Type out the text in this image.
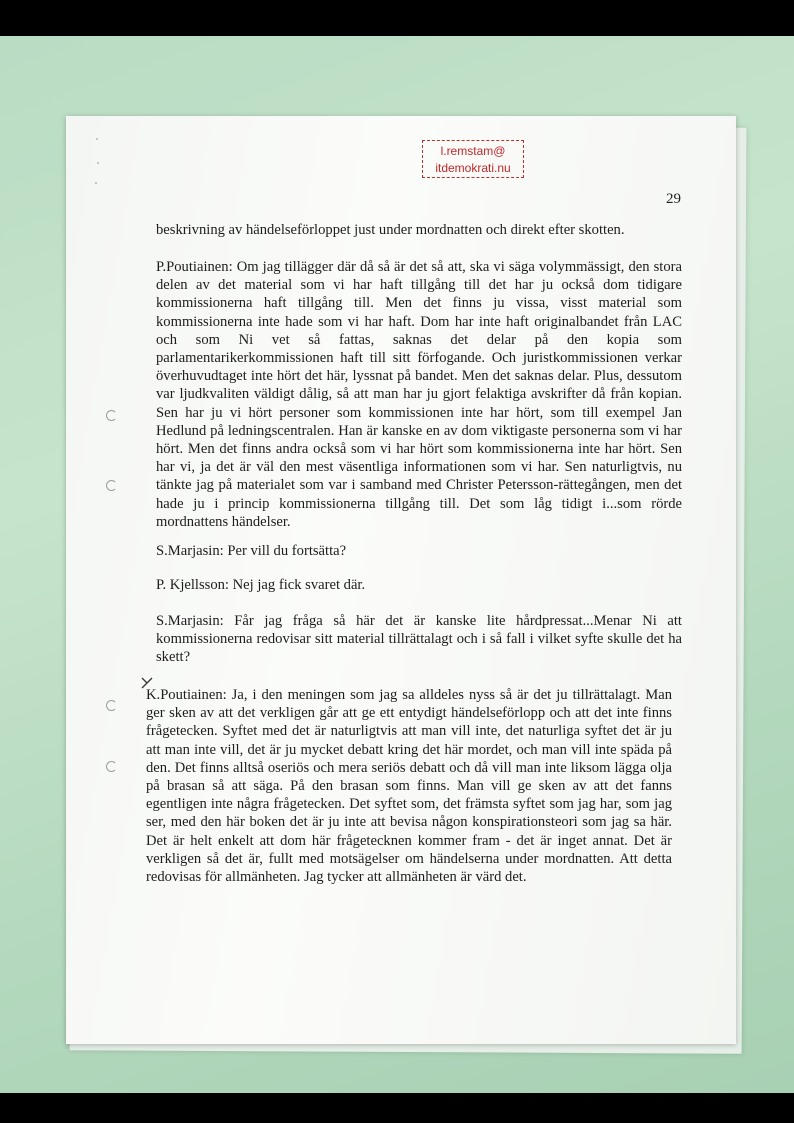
l.remstam@
itdemokrati.nu
29

beskrivning av händelseförloppet just under mordnatten och direkt efter skotten.

P.Poutiainen: Om jag tillägger där då så är det så att, ska vi säga volymmässigt, den stora delen av det material som vi har haft tillgång till det har ju också dom tidigare kommissionerna haft tillgång till. Men det finns ju vissa, visst material som kommissionerna inte hade som vi har haft. Dom har inte haft originalbandet från LAC och som Ni vet så fattas, saknas det delar på den kopia som parlamentarikerkommissionen haft till sitt förfogande. Och juristkommissionen verkar överhuvudtaget inte hört det här, lyssnat på bandet. Men det saknas delar. Plus, dessutom var ljudkvaliten väldigt dålig, så att man har ju gjort felaktiga avskrifter då från kopian. Sen har ju vi hört personer som kommissionen inte har hört, som till exempel Jan Hedlund på ledningscentralen. Han är kanske en av dom viktigaste personerna som vi har hört. Men det finns andra också som vi har hört som kommissionerna inte har hört. Sen har vi, ja det är väl den mest väsentliga informationen som vi har. Sen naturligtvis, nu tänkte jag på materialet som var i samband med Christer Petersson-rättegången, men det hade ju i princip kommissionerna tillgång till. Det som låg tidigt i...som rörde mordnattens händelser.

S.Marjasin: Per vill du fortsätta?

P. Kjellsson: Nej jag fick svaret där.

S.Marjasin: Får jag fråga så här det är kanske lite hårdpressat...Menar Ni att kommissionerna redovisar sitt material tillrättalagt och i så fall i vilket syfte skulle det ha skett?

K.Poutiainen: Ja, i den meningen som jag sa alldeles nyss så är det ju tillrättalagt. Man ger sken av att det verkligen går att ge ett entydigt händelseförlopp och att det inte finns frågetecken. Syftet med det är naturligtvis att man vill inte, det naturliga syftet det är ju att man inte vill, det är ju mycket debatt kring det här mordet, och man vill inte späda på den. Det finns alltså oseriös och mera seriös debatt och då vill man inte liksom lägga olja på brasan så att säga. På den brasan som finns. Man vill ge sken av att det fanns egentligen inte några frågetecken. Det syftet som, det främsta syftet som jag har, som jag ser, med den här boken det är ju inte att bevisa någon konspirationsteori som jag sa här. Det är helt enkelt att dom här frågetecknen kommer fram - det är inget annat. Det är verkligen så det är, fullt med motsägelser om händelserna under mordnatten. Att detta redovisas för allmänheten. Jag tycker att allmänheten är värd det.
